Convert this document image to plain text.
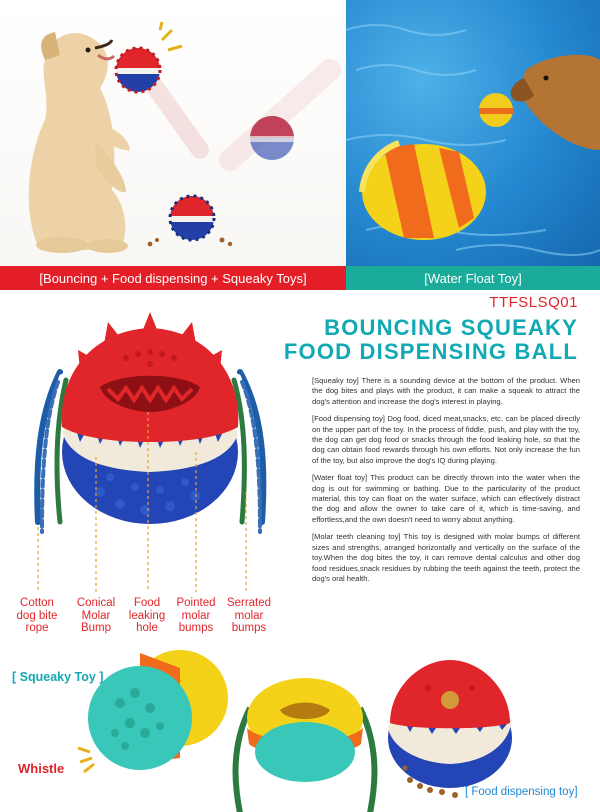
[Bouncing + Food dispensing + Squeaky Toys]	[Water Float Toy]
Cotton
dog bite
rope
Conical
Molar
Bump
Food
leaking
hole
Pointed
molar
bumps
Serrated
molar
bumps
TTFSLSQ01
BOUNCING SQUEAKY
FOOD DISPENSING BALL

[Squeaky toy] There is a sounding device at the bottom of the product. When the dog bites and plays with the product, it can make a squeak to attract the dog's attention and increase the dog's interest in playing.

[Food dispensing toy] Dog food, diced meat,snacks, etc. can be placed directly on the upper part of the toy. In the process of fiddle, push, and play with the toy, the dog can get dog food or snacks through the food leaking hole, so that the dog can obtain food rewards through his own efforts. Not only increase the fun of the toy, but also improve the dog's IQ during playing.

[Water float toy] This product can be directly thrown into the water when the dog is out for swimming or bathing. Due to the particularity of the product material, this toy can float on the water surface, which can effectively distract the dog and allow the owner to take care of it, which is time-saving, and effortless,and the own doesn't need to worry about anything.

[Molar teeth cleaning toy] This toy is designed with molar bumps of different sizes and strengths, arranged horizontally and vertically on the surface of the toy.When the dog bites the toy, it can remove dental calculus and other dog food residues,snack residues by rubbing the teeth against the teeth, protect the dog's oral health.

[ Squeaky Toy ]
Whistle
[ Food dispensing toy]
